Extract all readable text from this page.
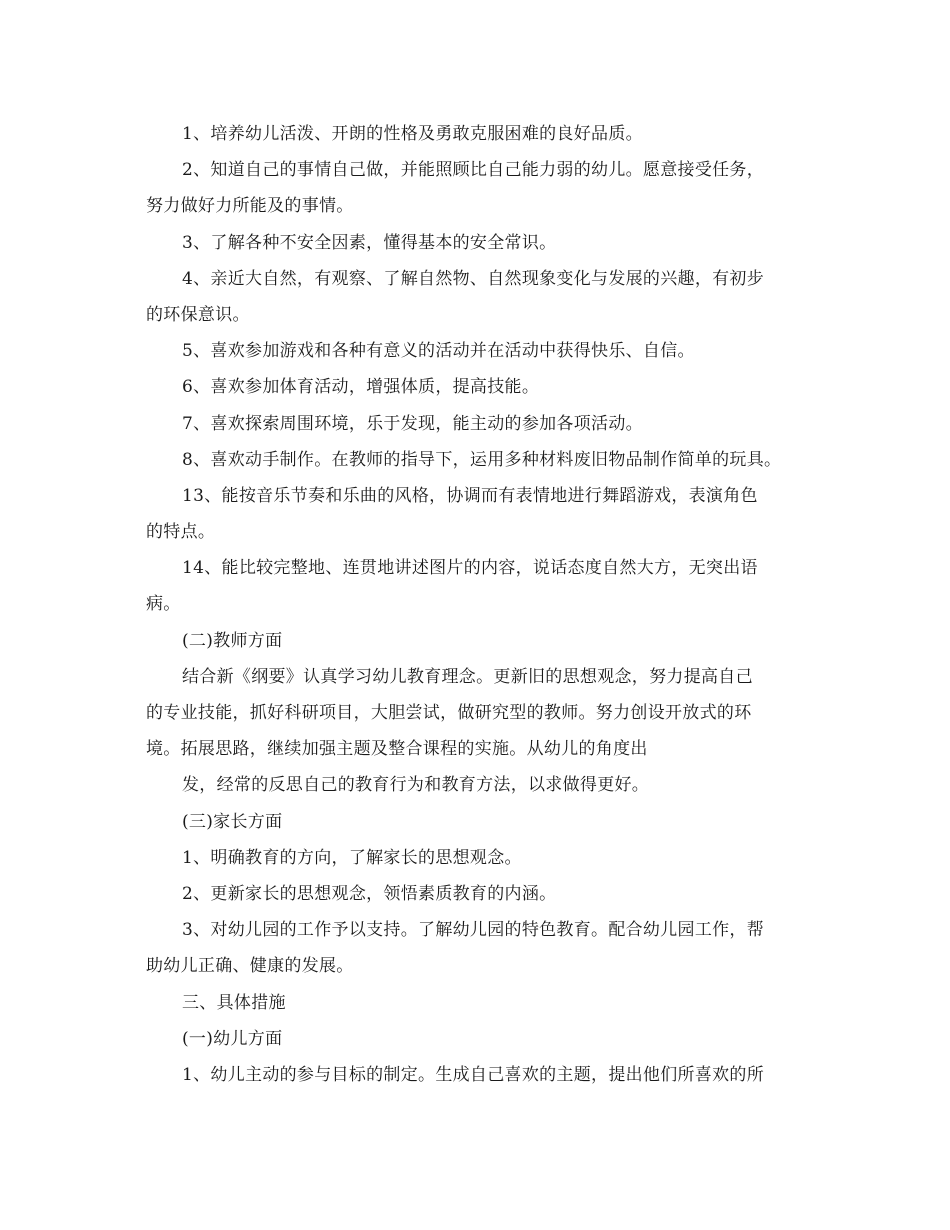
1、培养幼儿活泼、开朗的性格及勇敢克服困难的良好品质。
2、知道自己的事情自己做，并能照顾比自己能力弱的幼儿。愿意接受任务，
努力做好力所能及的事情。
3、了解各种不安全因素，懂得基本的安全常识。
4、亲近大自然，有观察、了解自然物、自然现象变化与发展的兴趣，有初步
的环保意识。
5、喜欢参加游戏和各种有意义的活动并在活动中获得快乐、自信。
6、喜欢参加体育活动，增强体质，提高技能。
7、喜欢探索周围环境，乐于发现，能主动的参加各项活动。
8、喜欢动手制作。在教师的指导下，运用多种材料废旧物品制作简单的玩具。
13、能按音乐节奏和乐曲的风格，协调而有表情地进行舞蹈游戏，表演角色
的特点。
14、能比较完整地、连贯地讲述图片的内容，说话态度自然大方，无突出语
病。
(二)教师方面
结合新《纲要》认真学习幼儿教育理念。更新旧的思想观念，努力提高自己
的专业技能，抓好科研项目，大胆尝试，做研究型的教师。努力创设开放式的环
境。拓展思路，继续加强主题及整合课程的实施。从幼儿的角度出
发，经常的反思自己的教育行为和教育方法，以求做得更好。
(三)家长方面
1、明确教育的方向，了解家长的思想观念。
2、更新家长的思想观念，领悟素质教育的内涵。
3、对幼儿园的工作予以支持。了解幼儿园的特色教育。配合幼儿园工作，帮
助幼儿正确、健康的发展。
三、具体措施
(一)幼儿方面
1、幼儿主动的参与目标的制定。生成自己喜欢的主题，提出他们所喜欢的所
